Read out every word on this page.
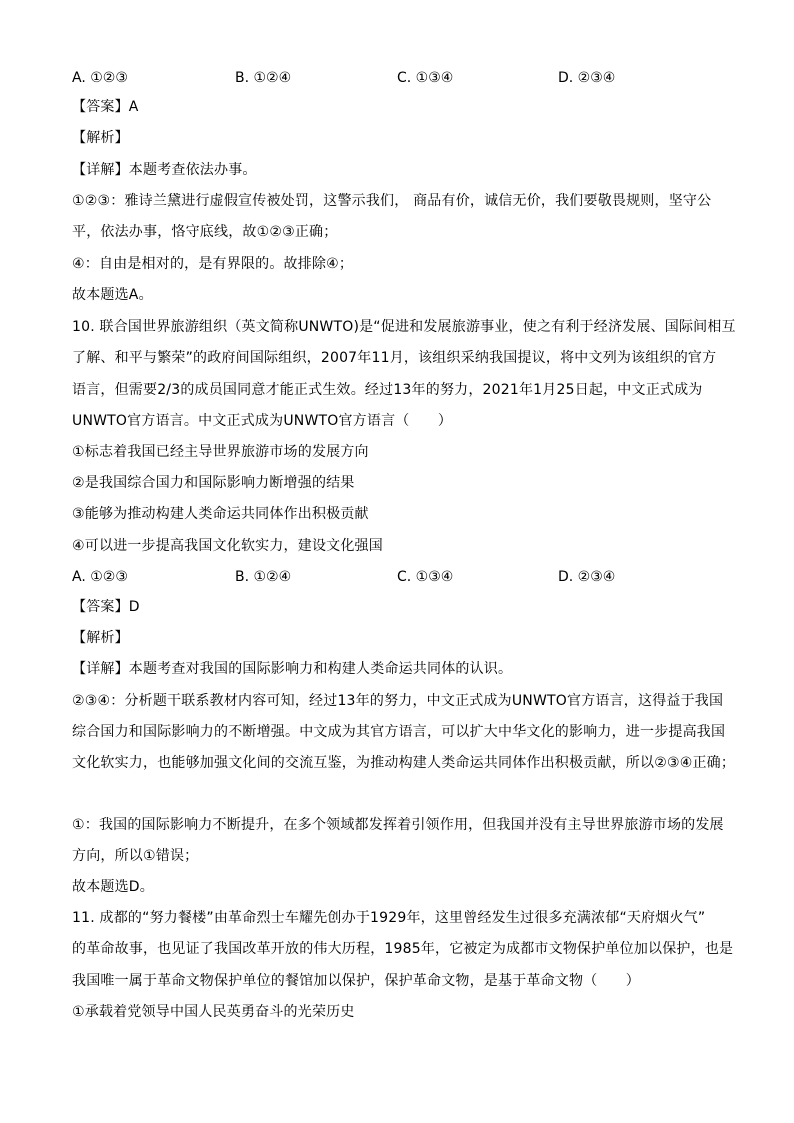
A. ①②③	B. ①②④	C. ①③④	D. ②③④
【答案】A
【解析】
【详解】本题考查依法办事。
①②③：雅诗兰黛进行虚假宣传被处罚，这警示我们， 商品有价，诚信无价，我们要敬畏规则，坚守公
平，依法办事，恪守底线，故①②③正确；
④：自由是相对的，是有界限的。故排除④；
故本题选A。
10. 联合国世界旅游组织（英文简称UNWTO)是“促进和发展旅游事业，使之有利于经济发展、国际间相互
了解、和平与繁荣”的政府间国际组织，2007年11月，该组织采纳我国提议，将中文列为该组织的官方
语言，但需要2/3的成员国同意才能正式生效。经过13年的努力，2021年1月25日起，中文正式成为
UNWTO官方语言。中文正式成为UNWTO官方语言（　　）
①标志着我国已经主导世界旅游市场的发展方向
②是我国综合国力和国际影响力断增强的结果
③能够为推动构建人类命运共同体作出积极贡献
④可以进一步提高我国文化软实力，建设文化强国
A. ①②③	B. ①②④	C. ①③④	D. ②③④
【答案】D
【解析】
【详解】本题考查对我国的国际影响力和构建人类命运共同体的认识。
②③④：分析题干联系教材内容可知，经过13年的努力，中文正式成为UNWTO官方语言，这得益于我国
综合国力和国际影响力的不断增强。中文成为其官方语言，可以扩大中华文化的影响力，进一步提高我国
文化软实力，也能够加强文化间的交流互鉴，为推动构建人类命运共同体作出积极贡献，所以②③④正确；
①：我国的国际影响力不断提升，在多个领域都发挥着引领作用，但我国并没有主导世界旅游市场的发展
方向，所以①错误；
故本题选D。
11. 成都的“努力餐楼”由革命烈士车耀先创办于1929年，这里曾经发生过很多充满浓郁“天府烟火气”
的革命故事，也见证了我国改革开放的伟大历程，1985年，它被定为成都市文物保护单位加以保护，也是
我国唯一属于革命文物保护单位的餐馆加以保护，保护革命文物，是基于革命文物（　　）
①承载着党领导中国人民英勇奋斗的光荣历史
